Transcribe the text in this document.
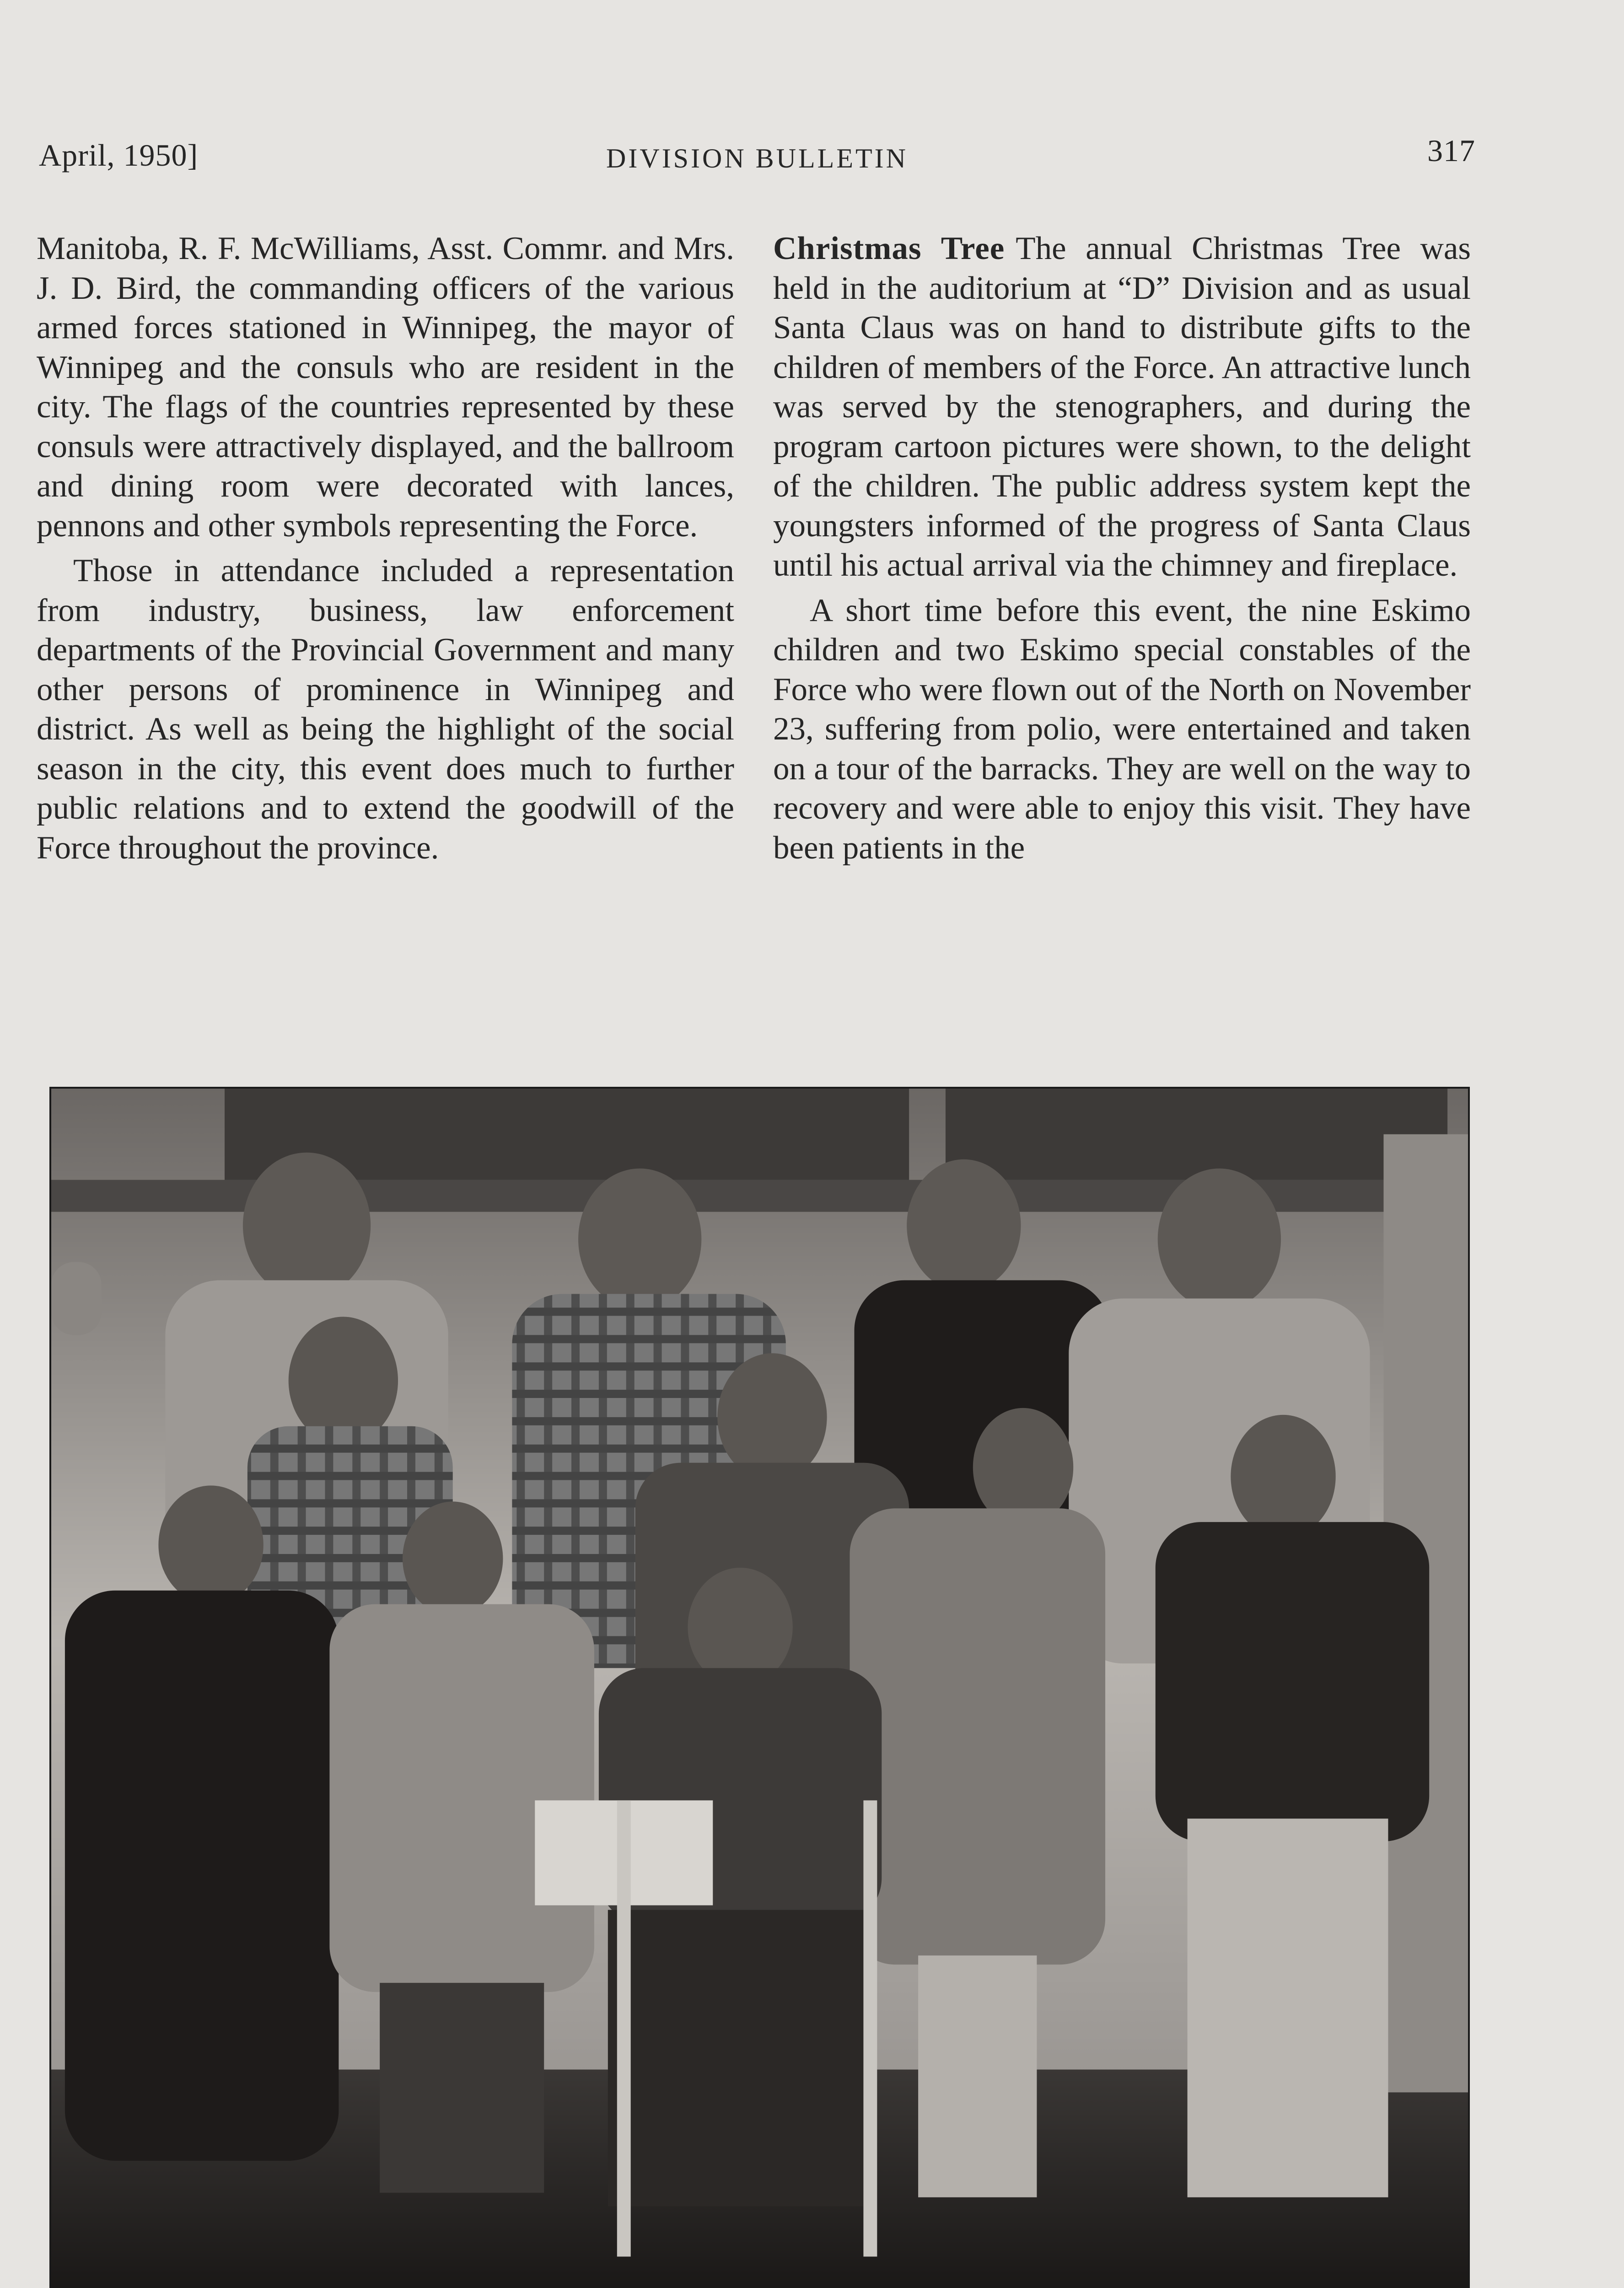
April, 1950]	DIVISION BULLETIN	317

Manitoba, R. F. McWilliams, Asst. Commr. and Mrs. J. D. Bird, the commanding officers of the various armed forces stationed in Winnipeg, the mayor of Winnipeg and the consuls who are resident in the city. The flags of the countries represented by these consuls were attractively displayed, and the ballroom and dining room were decorated with lances, pennons and other symbols representing the Force.

Those in attendance included a representation from industry, business, law enforcement departments of the Provincial Government and many other persons of prominence in Winnipeg and district. As well as being the highlight of the social season in the city, this event does much to further public relations and to extend the goodwill of the Force throughout the province.

Christmas Tree The annual Christmas Tree was held in the auditorium at “D” Division and as usual Santa Claus was on hand to distribute gifts to the children of members of the Force. An attractive lunch was served by the stenographers, and during the program cartoon pictures were shown, to the delight of the children. The public address system kept the youngsters informed of the progress of Santa Claus until his actual arrival via the chimney and fireplace.

A short time before this event, the nine Eskimo children and two Eskimo special constables of the Force who were flown out of the North on November 23, suffering from polio, were entertained and taken on a tour of the barracks. They are well on the way to recovery and were able to enjoy this visit. They have been patients in the
